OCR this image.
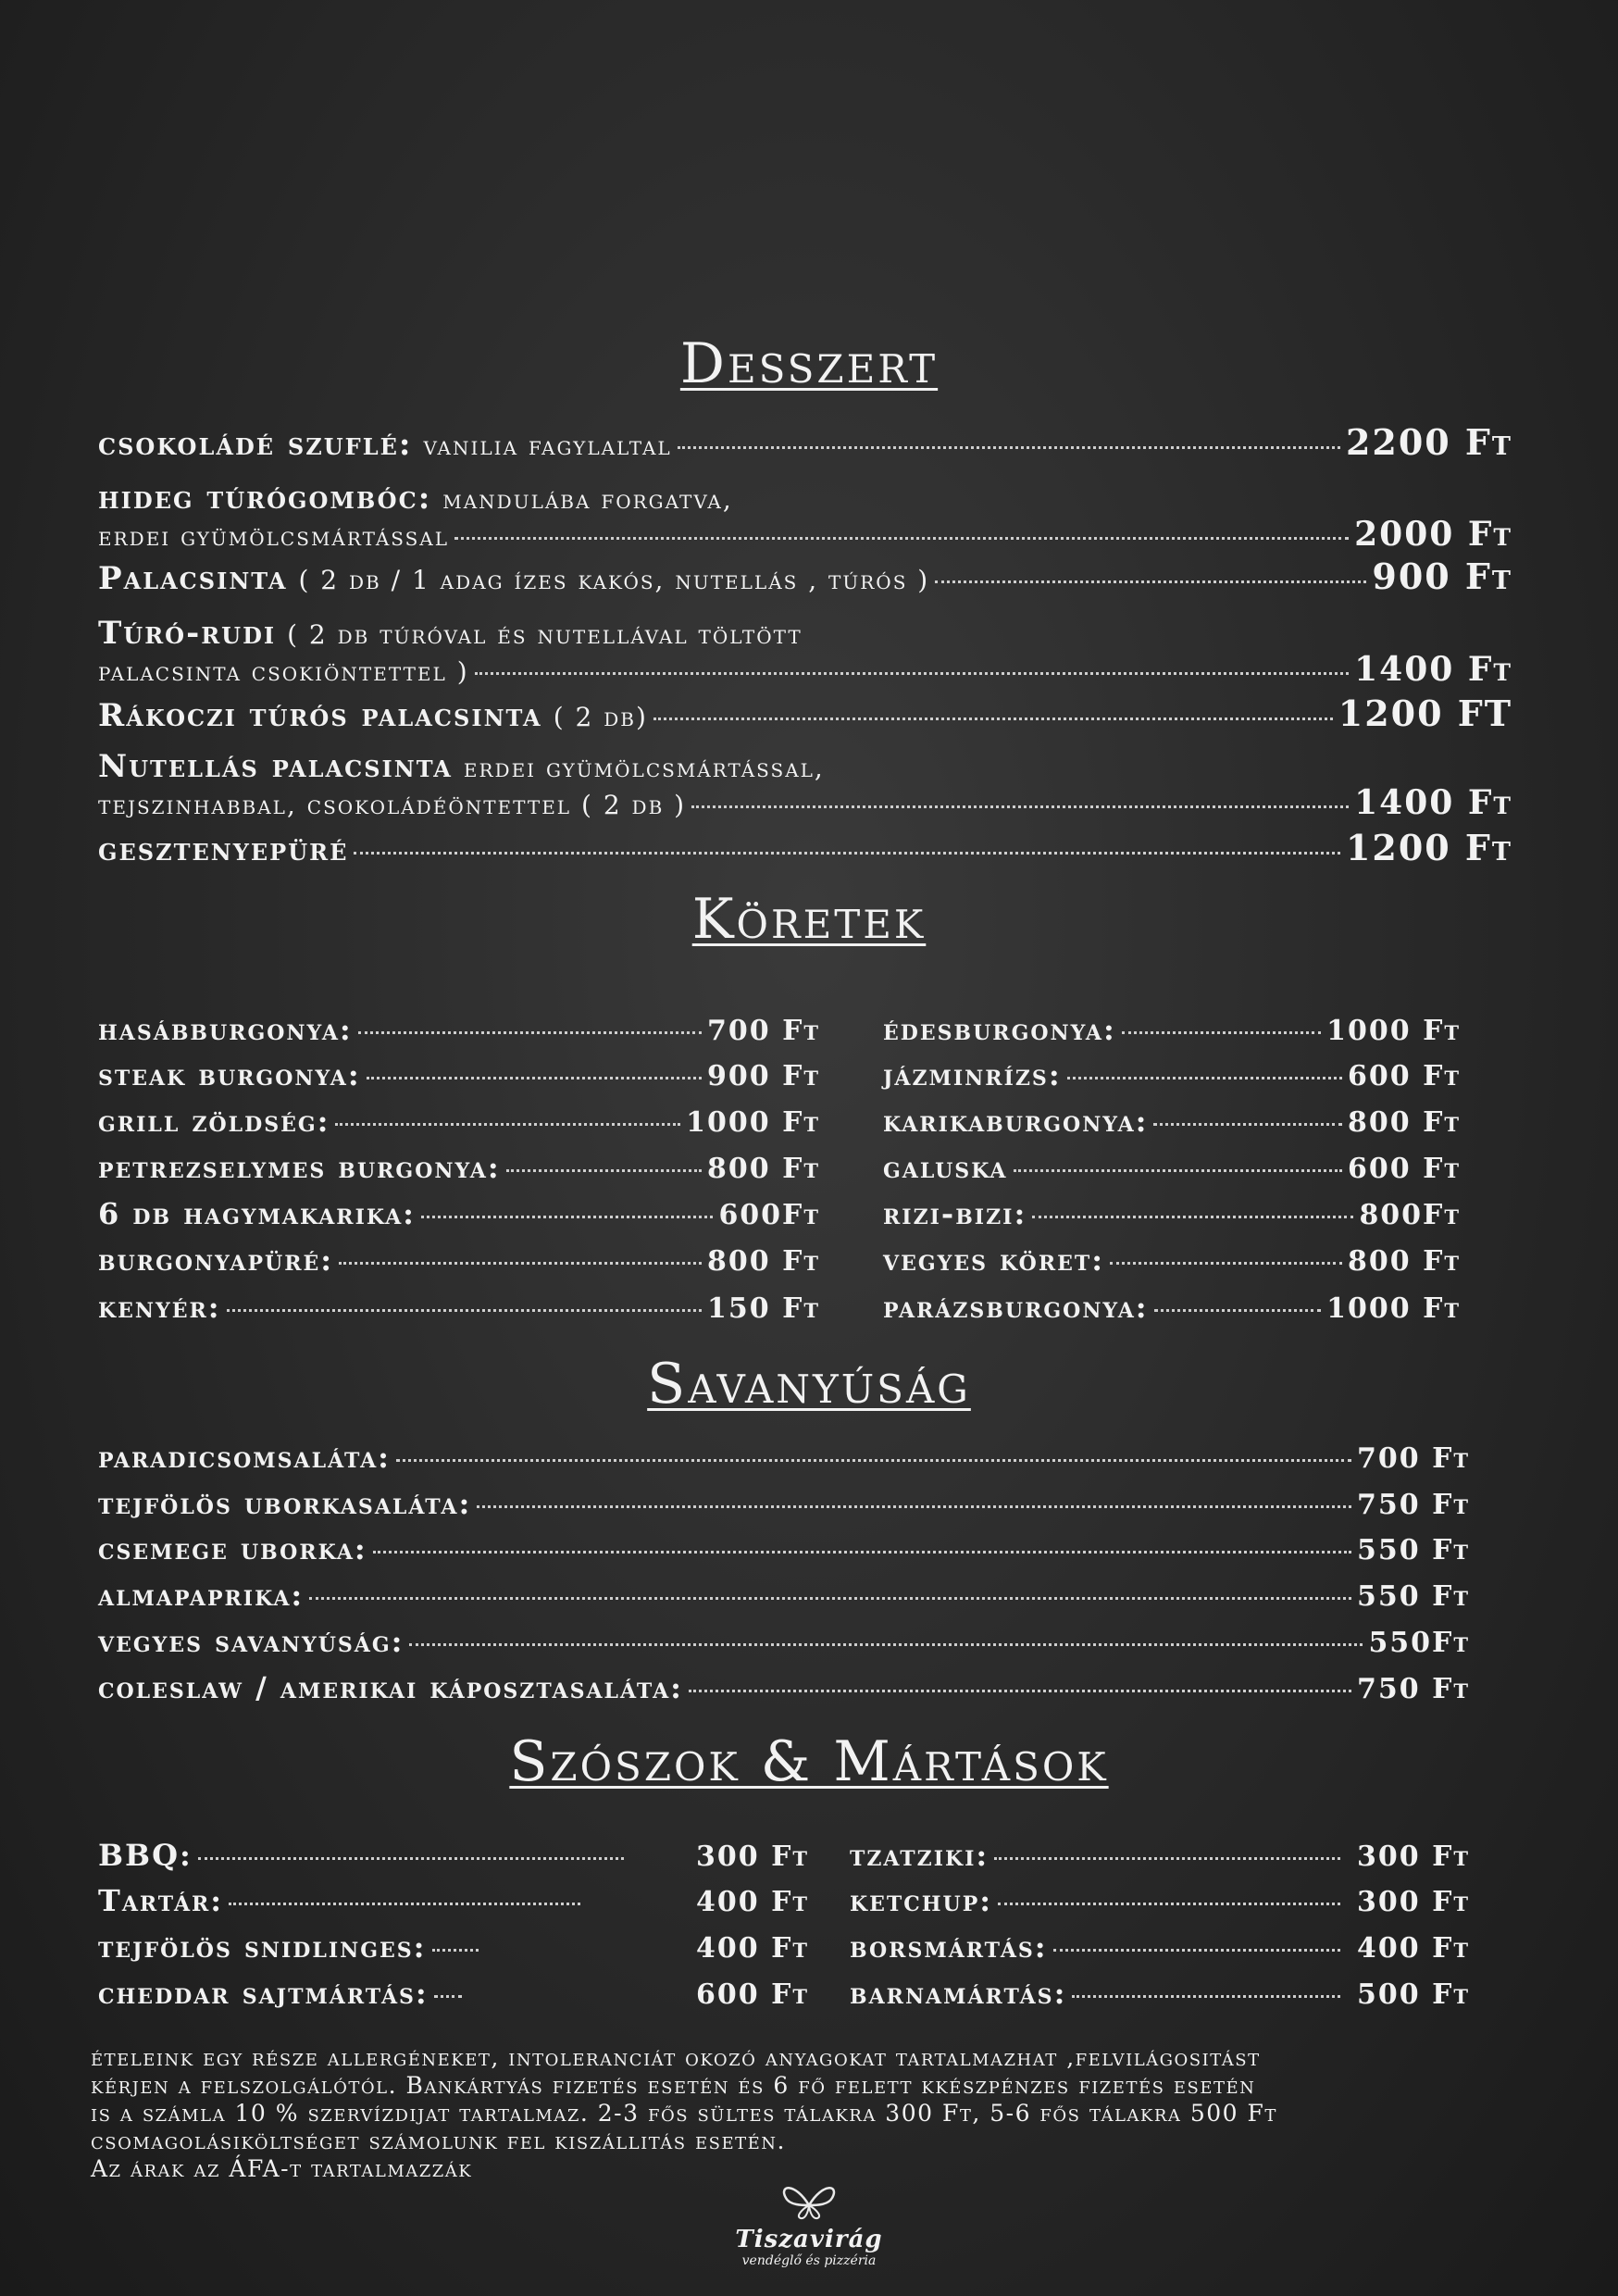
Desszert
csokoládé szuflé: vanilia fagylaltal	2200 Ft
hideg túrógombóc: mandulába forgatva,
erdei gyümölcsmártással	2000 Ft
Palacsinta ( 2 db / 1 adag ízes kakós, nutellás , túrós )	900 Ft
Túró-rudi ( 2 db túróval és nutellával töltött
palacsinta csokiöntettel )	1400 Ft
Rákoczi túrós palacsinta ( 2 db)	1200 FT
Nutellás palacsinta erdei gyümölcsmártással,
tejszinhabbal, csokoládéöntettel ( 2 db )	1400 Ft
gesztenyepüré	1200 Ft
Köretek
hasábburgonya:	700 Ft
steak burgonya:	900 Ft
grill zöldség:	1000 Ft
petrezselymes burgonya:	800 Ft
6 db hagymakarika:	600Ft
burgonyapüré:	800 Ft
kenyér:	150 Ft
édesburgonya:	1000 Ft
jázminrízs:	600 Ft
karikaburgonya:	800 Ft
galuska	600 Ft
rizi-bizi:	800Ft
vegyes köret:	800 Ft
parázsburgonya:	1000 Ft
Savanyúság
paradicsomsaláta:	700 Ft
tejfölös uborkasaláta:	750 Ft
csemege uborka:	550 Ft
almapaprika:	550 Ft
vegyes savanyúság:	550Ft
coleslaw / amerikai káposztasaláta:	750 Ft
Szószok & Mártások
BBQ:	300 Ft
Tartár:	400 Ft
tejfölös snidlinges:	400 Ft
cheddar sajtmártás:	600 Ft
tzatziki:	300 Ft
ketchup:	300 Ft
borsmártás:	400 Ft
barnamártás:	500 Ft
ételeink egy része allergéneket, intoleranciát okozó anyagokat tartalmazhat ,felvilágositást
kérjen a felszolgálótól. Bankártyás fizetés esetén és 6 fő felett kkészpénzes fizetés esetén
is a számla 10 % szervízdijat tartalmaz. 2-3 fős sültes tálakra 300 Ft, 5-6 fős tálakra 500 Ft
csomagolásiköltséget számolunk fel kiszállitás esetén.
Az árak az ÁFA-t tartalmazzák
Tiszavirág
vendéglő és pizzéria
